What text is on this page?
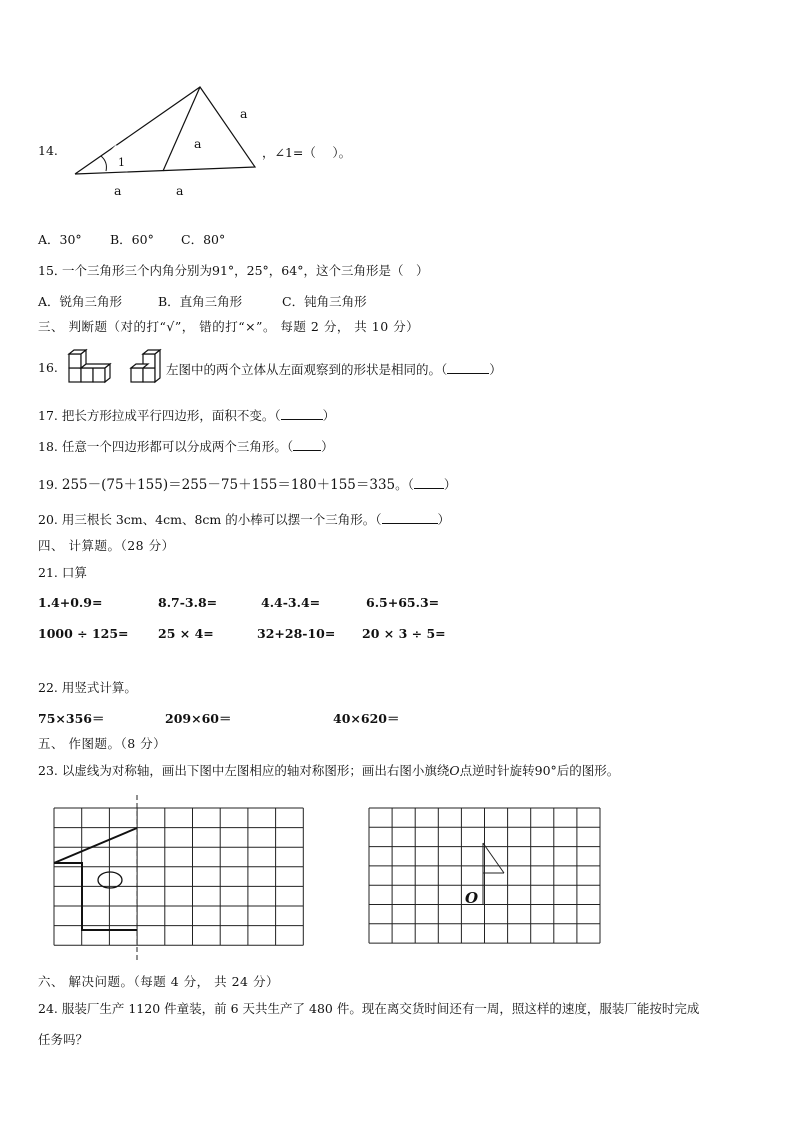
14.
a
a
a	a
1
，∠1=（　 ）。
A．30° B．60° C．80°
15．
一个三角形三个内角分别为91°，25°，64°，这个三角形是（　）
A．锐角三角形	B．直角三角形	C．钝角三角形
三、 判断题（对的打“√”， 错的打“×”。 每题 2 分， 共 10 分）
16.	左图中的两个立体从左面观察到的形状是相同的。（	）
17. 把长方形拉成平行四边形，面积不变。（	）
18. 任意一个四边形都可以分成两个三角形。（ ）
19. 255－(75＋155)＝255－75＋155＝180＋155＝335。（ ）
20. 用三根长 3cm、4cm、8cm 的小棒可以摆一个三角形。（	）
四、 计算题。（28 分）
21. 口算
1.4+0.9=	8.7-3.8=	4.4-3.4=	6.5+65.3=
1000 ÷ 125= 25 × 4=	32+28-10= 20 × 3 ÷ 5=
22. 用竖式计算。
75×356＝	209×60＝	40×620＝
五、 作图题。（8 分）
23. 以虚线为对称轴，画出下图中左图相应的轴对称图形；画出右图小旗绕O点逆时针旋转90°后的图形。
O
六、 解决问题。（每题 4 分， 共 24 分）
24. 服装厂生产 1120 件童装，前 6 天共生产了 480 件。现在离交货时间还有一周，照这样的速度，服装厂能按时完成
任务吗？
